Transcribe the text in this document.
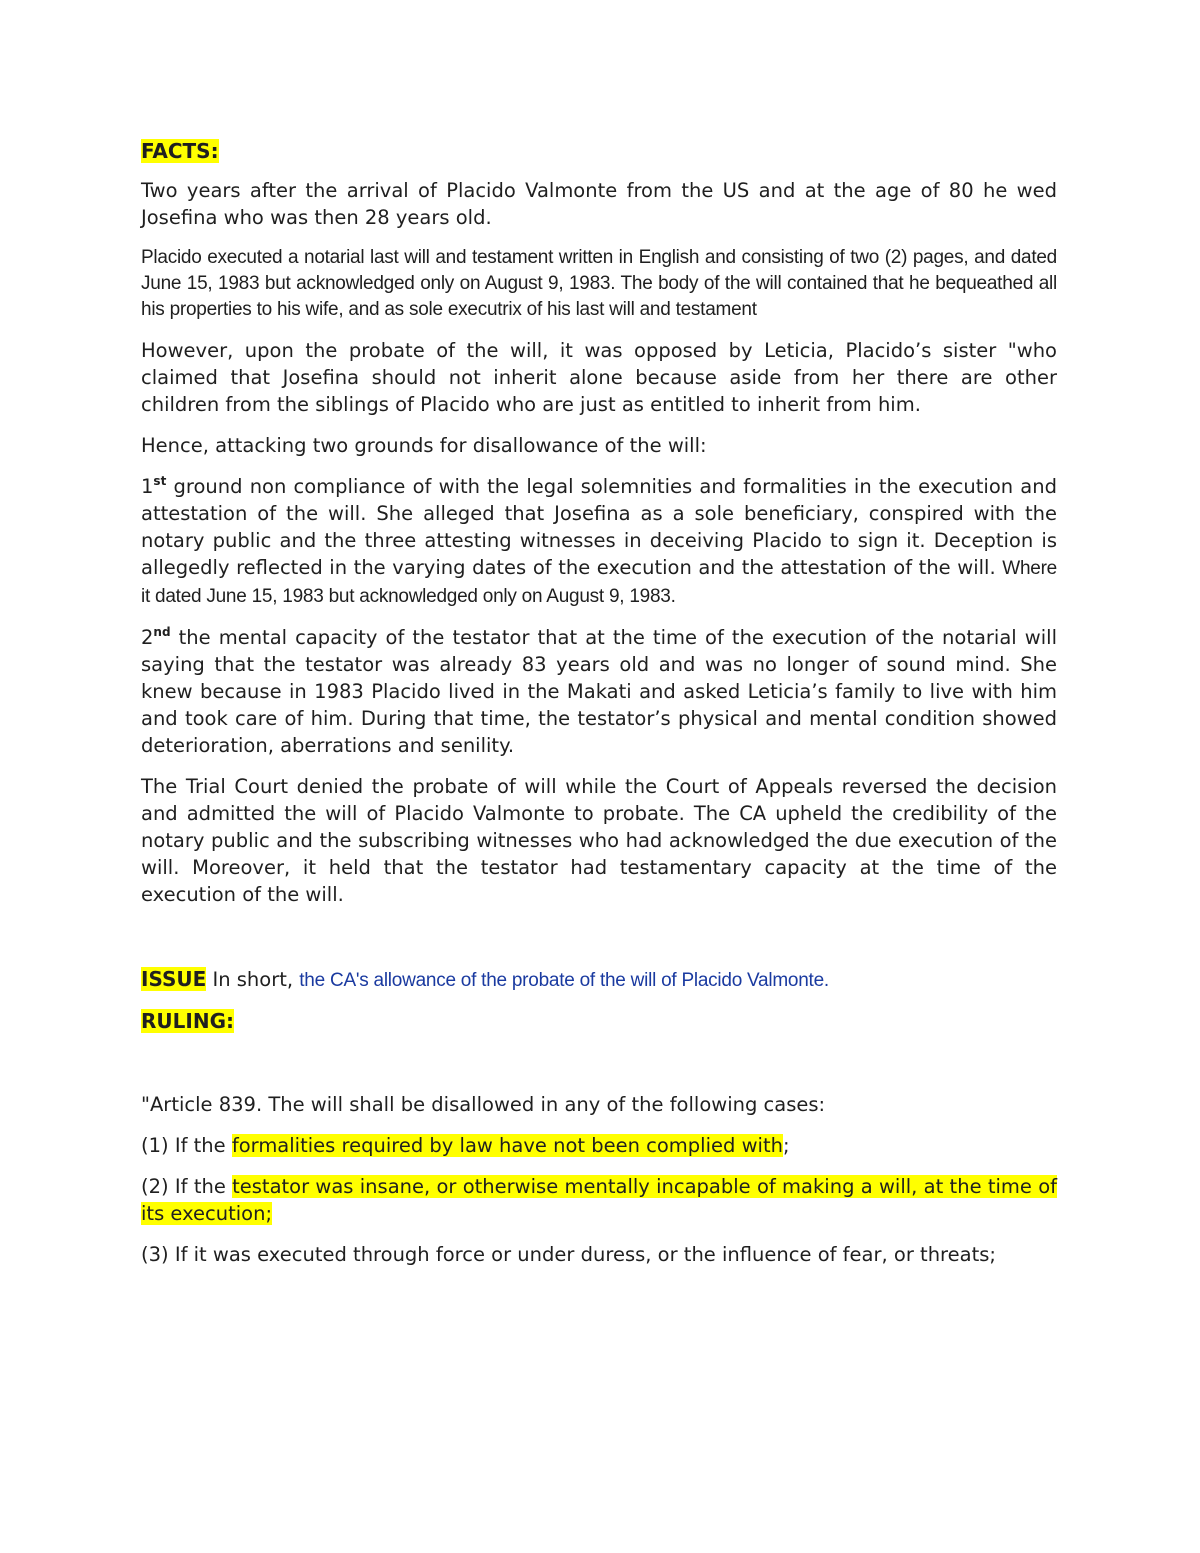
FACTS:

Two years after the arrival of Placido Valmonte from the US and at the age of 80 he wed Josefina who was then 28 years old.

Placido executed a notarial last will and testament written in English and consisting of two (2) pages, and dated June 15, 1983 but acknowledged only on August 9, 1983. The body of the will contained that he bequeathed all his properties to his wife, and as sole executrix of his last will and testament

However, upon the probate of the will, it was opposed by Leticia, Placido’s sister "who claimed that Josefina should not inherit alone because aside from her there are other children from the siblings of Placido who are just as entitled to inherit from him.

Hence, attacking two grounds for disallowance of the will:

1st ground non compliance of with the legal solemnities and formalities in the execution and attestation of the will. She alleged that Josefina as a sole beneficiary, conspired with the notary public and the three attesting witnesses in deceiving Placido to sign it. Deception is allegedly reflected in the varying dates of the execution and the attestation of the will. Where it dated June 15, 1983 but acknowledged only on August 9, 1983.

2nd the mental capacity of the testator that at the time of the execution of the notarial will saying that the testator was already 83 years old and was no longer of sound mind. She knew because in 1983 Placido lived in the Makati and asked Leticia’s family to live with him and took care of him. During that time, the testator’s physical and mental condition showed deterioration, aberrations and senility.

The Trial Court denied the probate of will while the Court of Appeals reversed the decision and admitted the will of Placido Valmonte to probate. The CA upheld the credibility of the notary public and the subscribing witnesses who had acknowledged the due execution of the will. Moreover, it held that the testator had testamentary capacity at the time of the execution of the will.

ISSUE In short, the CA's allowance of the probate of the will of Placido Valmonte.

RULING:

"Article 839. The will shall be disallowed in any of the following cases:

(1) If the formalities required by law have not been complied with;

(2) If the testator was insane, or otherwise mentally incapable of making a will, at the time of its execution;

(3) If it was executed through force or under duress, or the influence of fear, or threats;
